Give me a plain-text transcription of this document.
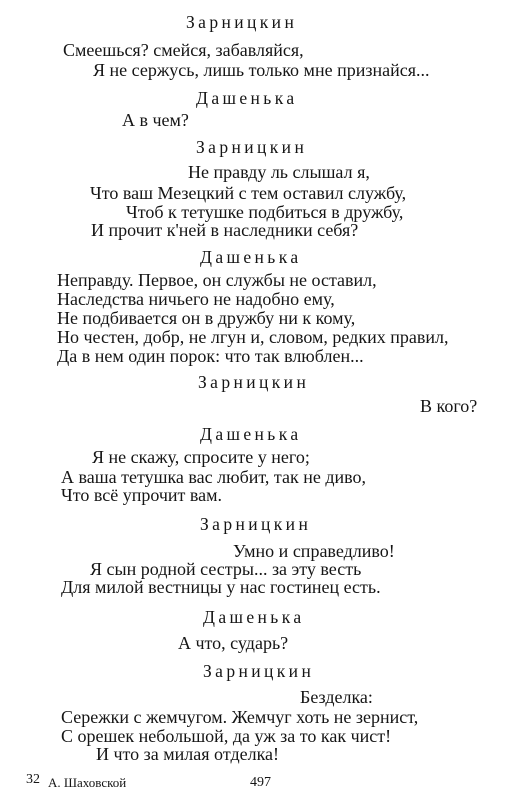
Зарницкин
Смеешься? смейся, забавляйся,
Я не сержусь, лишь только мне признайся...
Дашенька
А в чем?
Зарницкин
Не правду ль слышал я,
Что ваш Мезецкий с тем оставил службу,
Чтоб к тетушке подбиться в дружбу,
И прочит к'ней в наследники себя?
Дашенька
Неправду. Первое, он службы не оставил,
Наследства ничьего не надобно ему,
Не подбивается он в дружбу ни к кому,
Но честен, добр, не лгун и, словом, редких правил,
Да в нем один порок: что так влюблен...
Зарницкин
В кого?
Дашенька
Я не скажу, спросите у него;
А ваша тетушка вас любит, так не диво,
Что всё упрочит вам.
Зарницкин
Умно и справедливо!
Я сын родной сестры... за эту весть
Для милой вестницы у нас гостинец есть.
Дашенька
А что, сударь?
Зарницкин
Безделка:
Сережки с жемчугом. Жемчуг хоть не зернист,
С орешек небольшой, да уж за то как чист!
И что за милая отделка!
32 А. Шаховской	497
